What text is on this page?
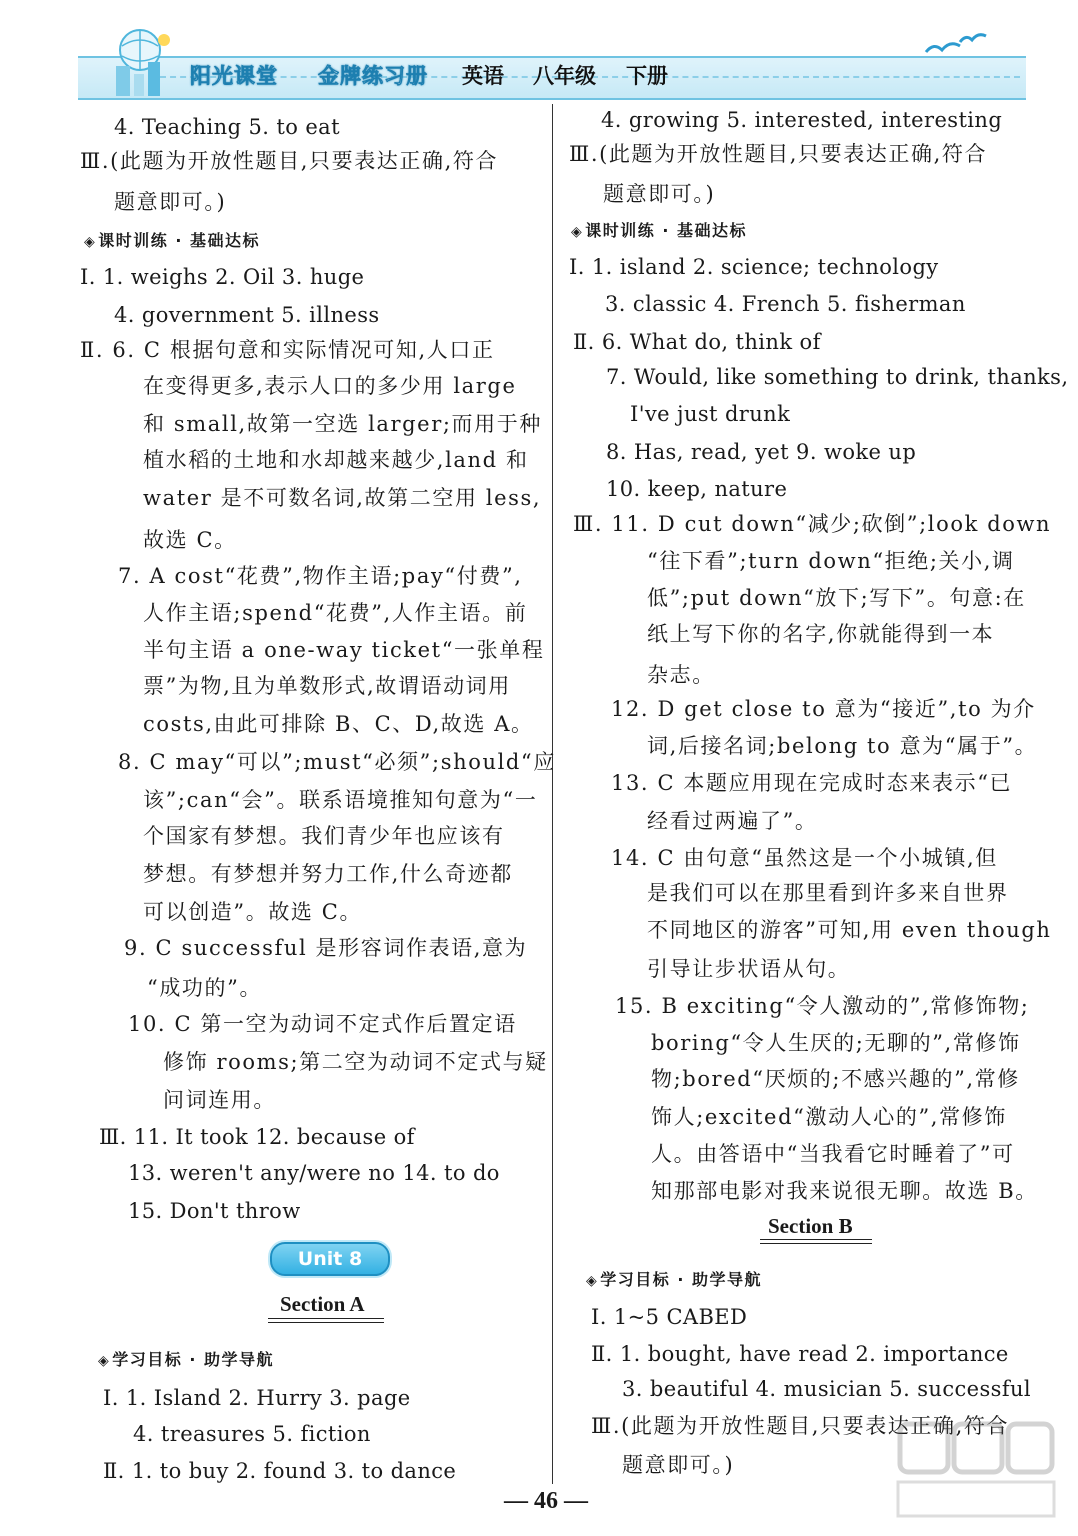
阳光课堂 金牌练习册 英语 八年级 下册
4. Teaching 5. to eat
Ⅲ.(此题为开放性题目,只要表达正确,符合
题意即可。)
◈ 课时训练 · 基础达标
Ⅰ. 1. weighs 2. Oil 3. huge
4. government 5. illness
Ⅱ. 6. C 根据句意和实际情况可知,人口正
在变得更多,表示人口的多少用 large
和 small,故第一空选 larger;而用于种
植水稻的土地和水却越来越少,land 和
water 是不可数名词,故第二空用 less,
故选 C。
7. A cost“花费”,物作主语;pay“付费”,
人作主语;spend“花费”,人作主语。前
半句主语 a one-way ticket“一张单程
票”为物,且为单数形式,故谓语动词用
costs,由此可排除 B、C、D,故选 A。
8. C may“可以”;must“必须”;should“应
该”;can“会”。联系语境推知句意为“一
个国家有梦想。我们青少年也应该有
梦想。有梦想并努力工作,什么奇迹都
可以创造”。故选 C。
9. C successful 是形容词作表语,意为
“成功的”。
10. C 第一空为动词不定式作后置定语
修饰 rooms;第二空为动词不定式与疑
问词连用。
Ⅲ. 11. It took 12. because of
13. weren't any/were no 14. to do
15. Don't throw
Unit 8
Section A
◈ 学习目标 · 助学导航
Ⅰ. 1. Island 2. Hurry 3. page
4. treasures 5. fiction
Ⅱ. 1. to buy 2. found 3. to dance
4. growing 5. interested, interesting
Ⅲ.(此题为开放性题目,只要表达正确,符合
题意即可。)
◈ 课时训练 · 基础达标
Ⅰ. 1. island 2. science; technology
3. classic 4. French 5. fisherman
Ⅱ. 6. What do, think of
7. Would, like something to drink, thanks,
I've just drunk
8. Has, read, yet 9. woke up
10. keep, nature
Ⅲ. 11. D cut down“减少;砍倒”;look down
“往下看”;turn down“拒绝;关小,调
低”;put down“放下;写下”。句意:在
纸上写下你的名字,你就能得到一本
杂志。
12. D get close to 意为“接近”,to 为介
词,后接名词;belong to 意为“属于”。
13. C 本题应用现在完成时态来表示“已
经看过两遍了”。
14. C 由句意“虽然这是一个小城镇,但
是我们可以在那里看到许多来自世界
不同地区的游客”可知,用 even though
引导让步状语从句。
15. B exciting“令人激动的”,常修饰物;
boring“令人生厌的;无聊的”,常修饰
物;bored“厌烦的;不感兴趣的”,常修
饰人;excited“激动人心的”,常修饰
人。由答语中“当我看它时睡着了”可
知那部电影对我来说很无聊。故选 B。
Section B
◈ 学习目标 · 助学导航
Ⅰ. 1~5 CABED
Ⅱ. 1. bought, have read 2. importance
3. beautiful 4. musician 5. successful
Ⅲ.(此题为开放性题目,只要表达正确,符合
题意即可。)
— 46 —
